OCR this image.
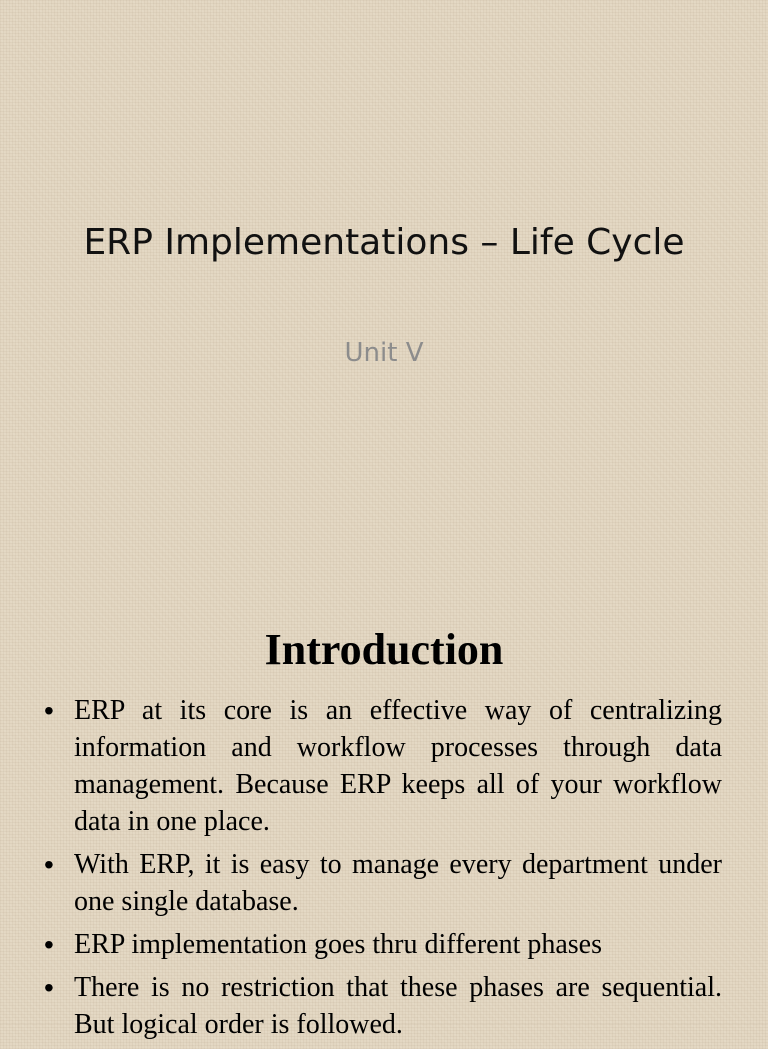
ERP Implementations – Life Cycle
Unit V
Introduction
• ERP at its core is an effective way of centralizing information and workflow processes through data management. Because ERP keeps all of your workflow data in one place.
• With ERP, it is easy to manage every department under one single database.
• ERP implementation goes thru different phases
• There is no restriction that these phases are sequential. But logical order is followed.
